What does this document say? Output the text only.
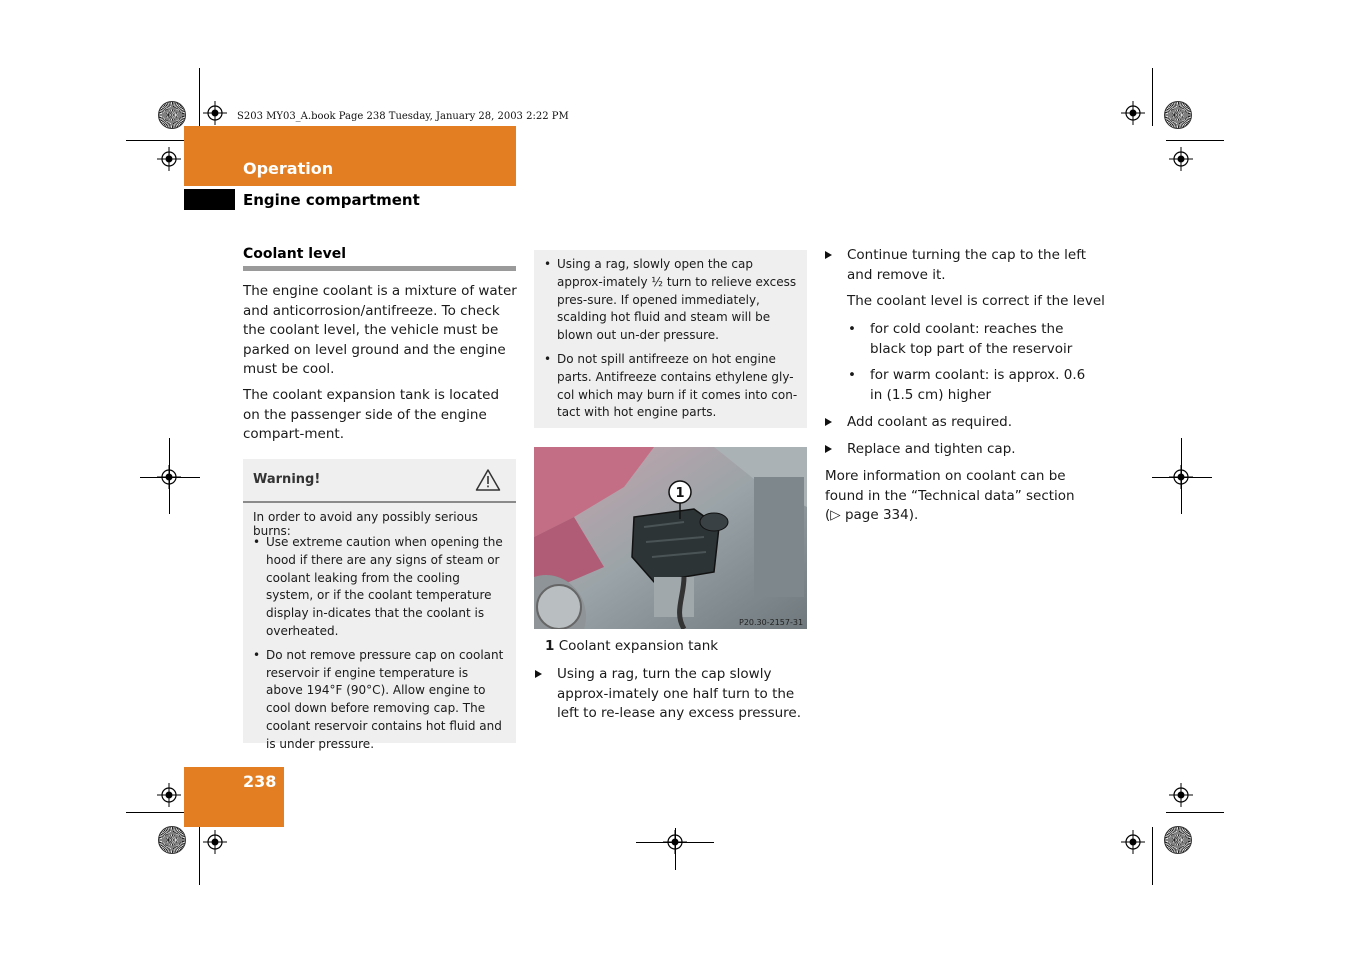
S203 MY03_A.book Page 238 Tuesday, January 28, 2003 2:22 PM
Operation
Engine compartment
Coolant level
The engine coolant is a mixture of water and anticorrosion/antifreeze. To check the coolant level, the vehicle must be parked on level ground and the engine must be cool.
The coolant expansion tank is located on the passenger side of the engine compart-ment.
Warning!
In order to avoid any possibly serious burns:
• Use extreme caution when opening the hood if there are any signs of steam or coolant leaking from the cooling system, or if the coolant temperature display in-dicates that the coolant is overheated.
• Do not remove pressure cap on coolant reservoir if engine temperature is above 194°F (90°C). Allow engine to cool down before removing cap. The coolant reservoir contains hot fluid and is under pressure.
• Using a rag, slowly open the cap approx-imately ½ turn to relieve excess pres-sure. If opened immediately, scalding hot fluid and steam will be blown out un-der pressure.
• Do not spill antifreeze on hot engine parts. Antifreeze contains ethylene gly-col which may burn if it comes into con-tact with hot engine parts.
1
P20.30-2157-31
1 Coolant expansion tank
Using a rag, turn the cap slowly approx-imately one half turn to the left to re-lease any excess pressure.
Continue turning the cap to the left and remove it.
The coolant level is correct if the level
• for cold coolant: reaches the black top part of the reservoir
• for warm coolant: is approx. 0.6 in (1.5 cm) higher
Add coolant as required.
Replace and tighten cap.
More information on coolant can be found in the “Technical data” section
(▷ page 334).
238
